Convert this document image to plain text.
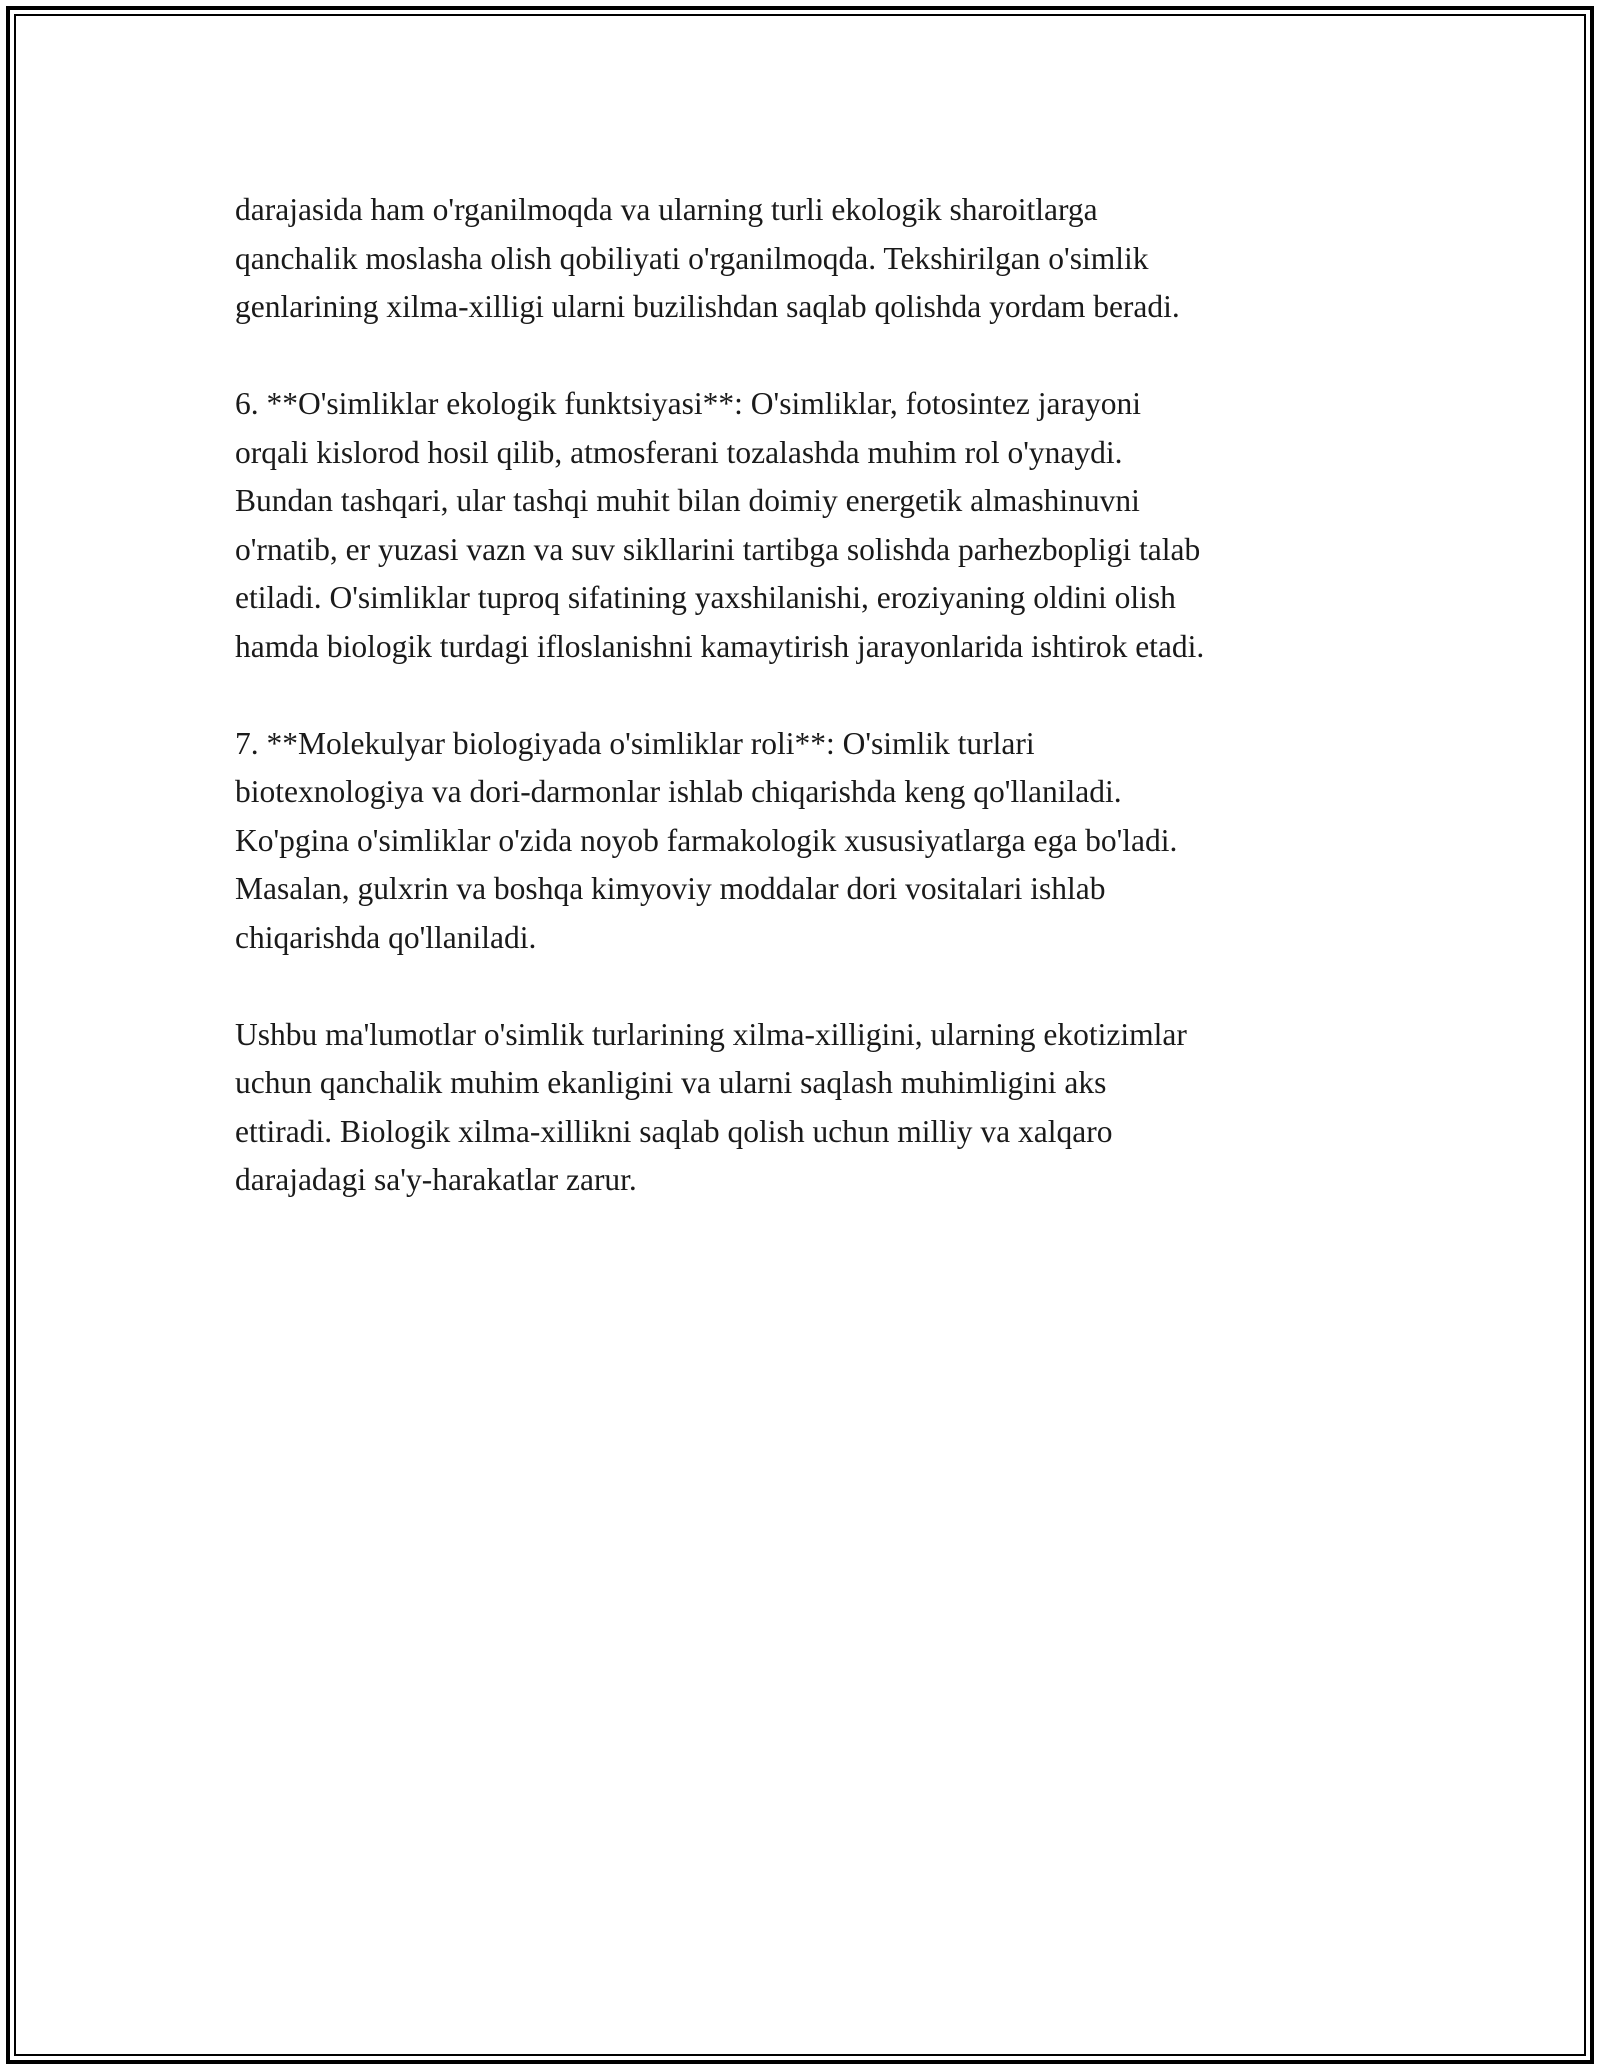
darajasida ham o'rganilmoqda va ularning turli ekologik sharoitlarga
qanchalik moslasha olish qobiliyati o'rganilmoqda. Tekshirilgan o'simlik
genlarining xilma-xilligi ularni buzilishdan saqlab qolishda yordam beradi.

6. **O'simliklar ekologik funktsiyasi**: O'simliklar, fotosintez jarayoni
orqali kislorod hosil qilib, atmosferani tozalashda muhim rol o'ynaydi.
Bundan tashqari, ular tashqi muhit bilan doimiy energetik almashinuvni
o'rnatib, er yuzasi vazn va suv sikllarini tartibga solishda parhezbopligi talab
etiladi. O'simliklar tuproq sifatining yaxshilanishi, eroziyaning oldini olish
hamda biologik turdagi ifloslanishni kamaytirish jarayonlarida ishtirok etadi.

7. **Molekulyar biologiyada o'simliklar roli**: O'simlik turlari
biotexnologiya va dori-darmonlar ishlab chiqarishda keng qo'llaniladi.
Ko'pgina o'simliklar o'zida noyob farmakologik xususiyatlarga ega bo'ladi.
Masalan, gulxrin va boshqa kimyoviy moddalar dori vositalari ishlab
chiqarishda qo'llaniladi.

Ushbu ma'lumotlar o'simlik turlarining xilma-xilligini, ularning ekotizimlar
uchun qanchalik muhim ekanligini va ularni saqlash muhimligini aks
ettiradi. Biologik xilma-xillikni saqlab qolish uchun milliy va xalqaro
darajadagi sa'y-harakatlar zarur.
